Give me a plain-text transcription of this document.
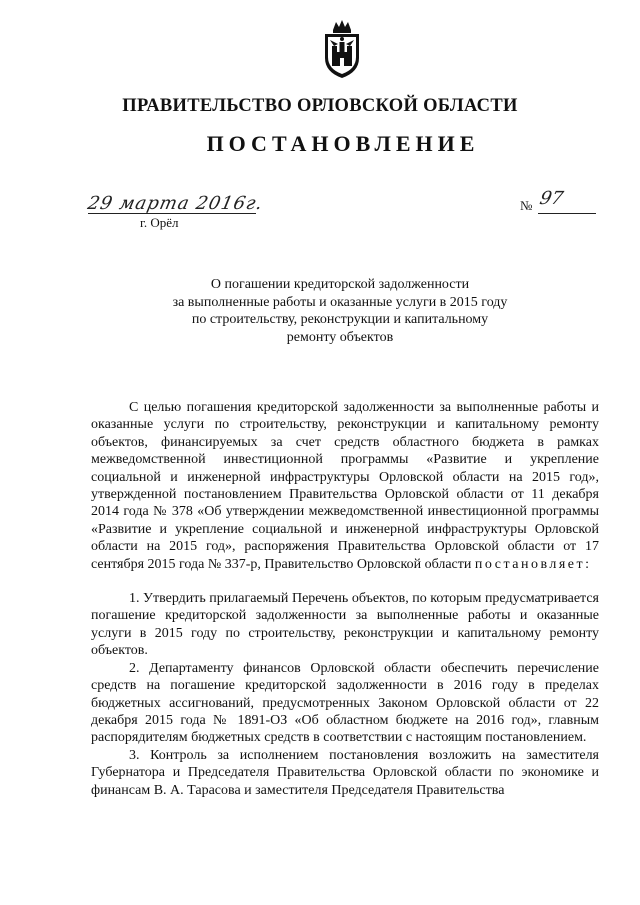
ПРАВИТЕЛЬСТВО ОРЛОВСКОЙ ОБЛАСТИ
ПОСТАНОВЛЕНИЕ
29 марта 2016г.
г. Орёл
№ 97
О погашении кредиторской задолженности
за выполненные работы и оказанные услуги в 2015 году
по строительству, реконструкции и капитальному
ремонту объектов

С целью погашения кредиторской задолженности за выполненные работы и оказанные услуги по строительству, реконструкции и капитальному ремонту объектов, финансируемых за счет средств областного бюджета в рамках межведомственной инвестиционной программы «Развитие и укрепление социальной и инженерной инфраструктуры Орловской области на 2015 год», утвержденной постановлением Правительства Орловской области от 11 декабря 2014 года № 378 «Об утверждении межведомственной инвестиционной программы «Развитие и укрепление социальной и инженерной инфраструктуры Орловской области на 2015 год», распоряжения Правительства Орловской области от 17 сентября 2015 года № 337-р, Правительство Орловской области постановляет:

1. Утвердить прилагаемый Перечень объектов, по которым предусматривается погашение кредиторской задолженности за выполненные работы и оказанные услуги в 2015 году по строительству, реконструкции и капитальному ремонту объектов.

2. Департаменту финансов Орловской области обеспечить перечисление средств на погашение кредиторской задолженности в 2016 году в пределах бюджетных ассигнований, предусмотренных Законом Орловской области от 22 декабря 2015 года № 1891-ОЗ «Об областном бюджете на 2016 год», главным распорядителям бюджетных средств в соответствии с настоящим постановлением.

3. Контроль за исполнением постановления возложить на заместителя Губернатора и Председателя Правительства Орловской области по экономике и финансам В. А. Тарасова и заместителя Председателя Правительства
